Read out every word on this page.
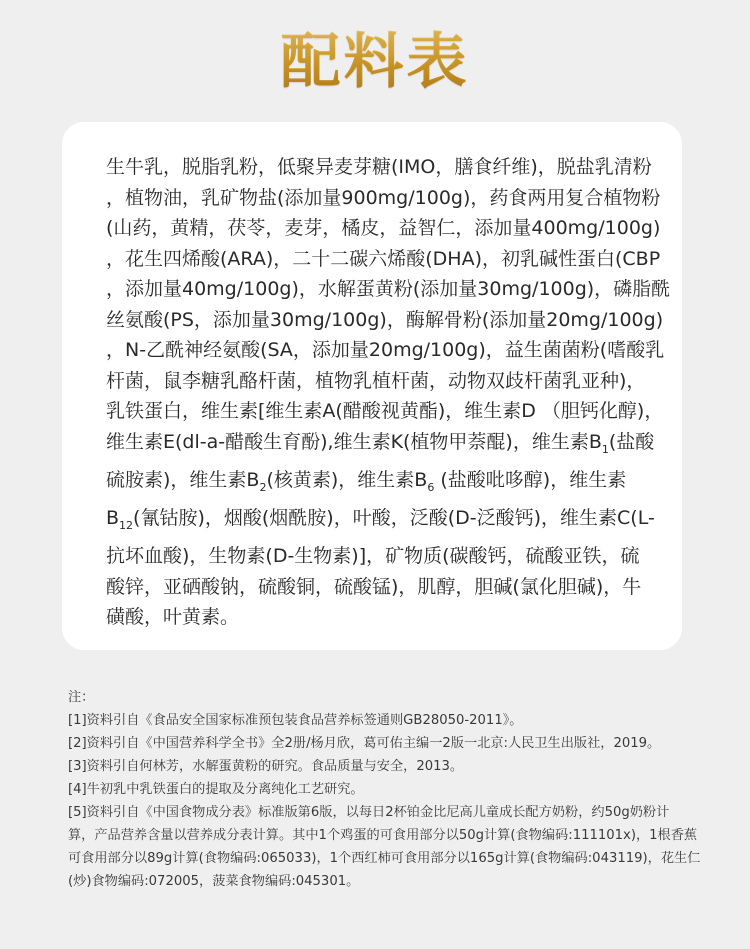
配料表
生牛乳，脱脂乳粉，低聚异麦芽糖(IMO，膳食纤维)，脱盐乳清粉
，植物油，乳矿物盐(添加量900mg/100g)，药食两用复合植物粉
(山药，黄精，茯苓，麦芽，橘皮，益智仁，添加量400mg/100g)
，花生四烯酸(ARA)，二十二碳六烯酸(DHA)，初乳碱性蛋白(CBP
，添加量40mg/100g)，水解蛋黄粉(添加量30mg/100g)，磷脂酰
丝氨酸(PS，添加量30mg/100g)，酶解骨粉(添加量20mg/100g)
，N-乙酰神经氨酸(SA，添加量20mg/100g)，益生菌菌粉(嗜酸乳
杆菌，鼠李糖乳酪杆菌，植物乳植杆菌，动物双歧杆菌乳亚种)，
乳铁蛋白，维生素[维生素A(醋酸视黄酯)，维生素D （胆钙化醇)，
维生素E(dl-a-醋酸生育酚),维生素K(植物甲萘醌)，维生素$B_1$(盐酸
硫胺素)，维生素$B_2$(核黄素)，维生素$B_6$ (盐酸吡哆醇)，维生素
$B_{12}$(氰钴胺)，烟酸(烟酰胺)，叶酸，泛酸(D-泛酸钙)，维生素C(L-
抗坏血酸)，生物素(D-生物素)]，矿物质(碳酸钙，硫酸亚铁，硫
酸锌，亚硒酸钠，硫酸铜，硫酸锰)，肌醇，胆碱(氯化胆碱)，牛
磺酸，叶黄素。
注：
[1]资料引自《食品安全国家标准预包装食品营养标签通则GB28050-2011》。
[2]资料引自《中国营养科学全书》全2册/杨月欣，葛可佑主编一2版一北京:人民卫生出版社，2019。
[3]资料引自何林芳，水解蛋黄粉的研究。食品质量与安全，2013。
[4]牛初乳中乳铁蛋白的提取及分离纯化工艺研究。
[5]资料引自《中国食物成分表》标准版第6版，以每日2杯铂金比尼高儿童成长配方奶粉，约50g奶粉计
算，产品营养含量以营养成分表计算。其中1个鸡蛋的可食用部分以50g计算(食物编码:111101x)，1根香蕉
可食用部分以89g计算(食物编码:065033)，1个西红柿可食用部分以165g计算(食物编码:043119)，花生仁
(炒)食物编码:072005，菠菜食物编码:045301。
